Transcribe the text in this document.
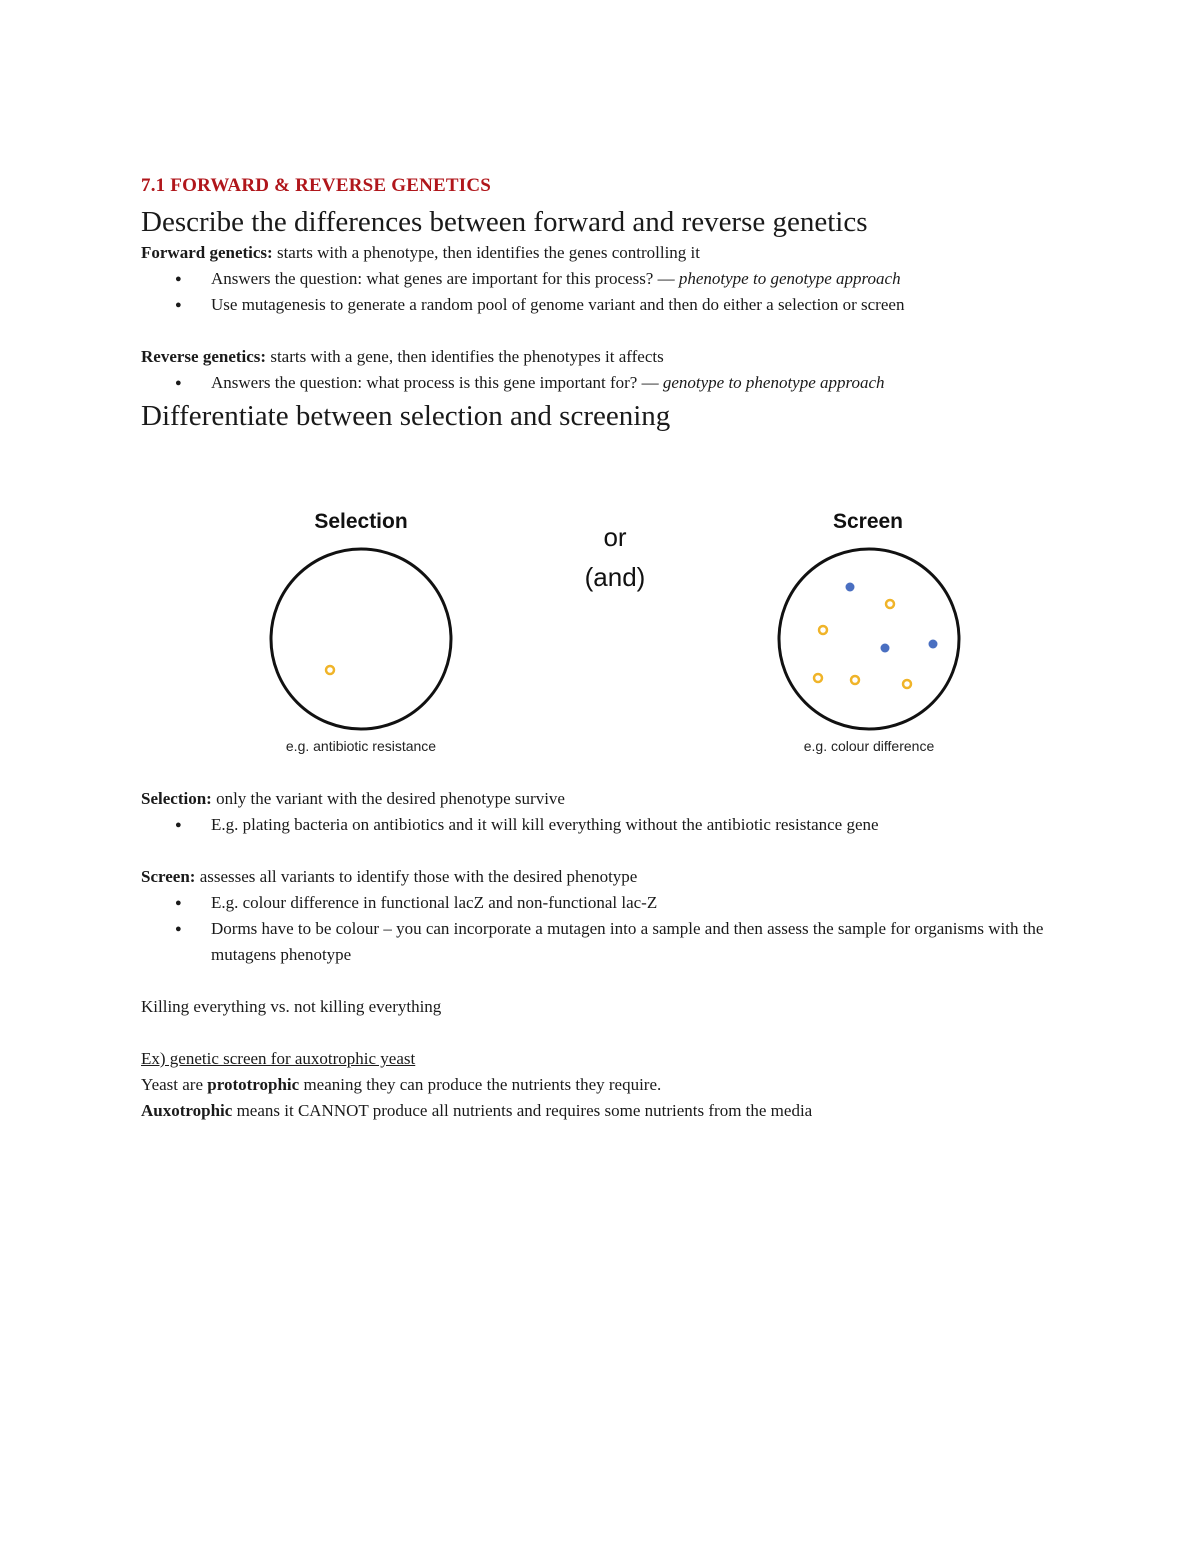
7.1 FORWARD & REVERSE GENETICS
Describe the differences between forward and reverse genetics

Forward genetics: starts with a phenotype, then identifies the genes controlling it

● Answers the question: what genes are important for this process? — phenotype to genotype approach
● Use mutagenesis to generate a random pool of genome variant and then do either a selection or screen

Reverse genetics: starts with a gene, then identifies the phenotypes it affects

● Answers the question: what process is this gene important for? — genotype to phenotype approach
Differentiate between selection and screening
Selection	Screen
or
(and)
e.g. antibiotic resistance	e.g. colour difference

Selection: only the variant with the desired phenotype survive

● E.g. plating bacteria on antibiotics and it will kill everything without the antibiotic resistance gene

Screen: assesses all variants to identify those with the desired phenotype

● E.g. colour difference in functional lacZ and non-functional lac-Z
● Dorms have to be colour – you can incorporate a mutagen into a sample and then assess the sample for organisms with the mutagens phenotype

Killing everything vs. not killing everything

Ex) genetic screen for auxotrophic yeast

Yeast are prototrophic meaning they can produce the nutrients they require.

Auxotrophic means it CANNOT produce all nutrients and requires some nutrients from the media
